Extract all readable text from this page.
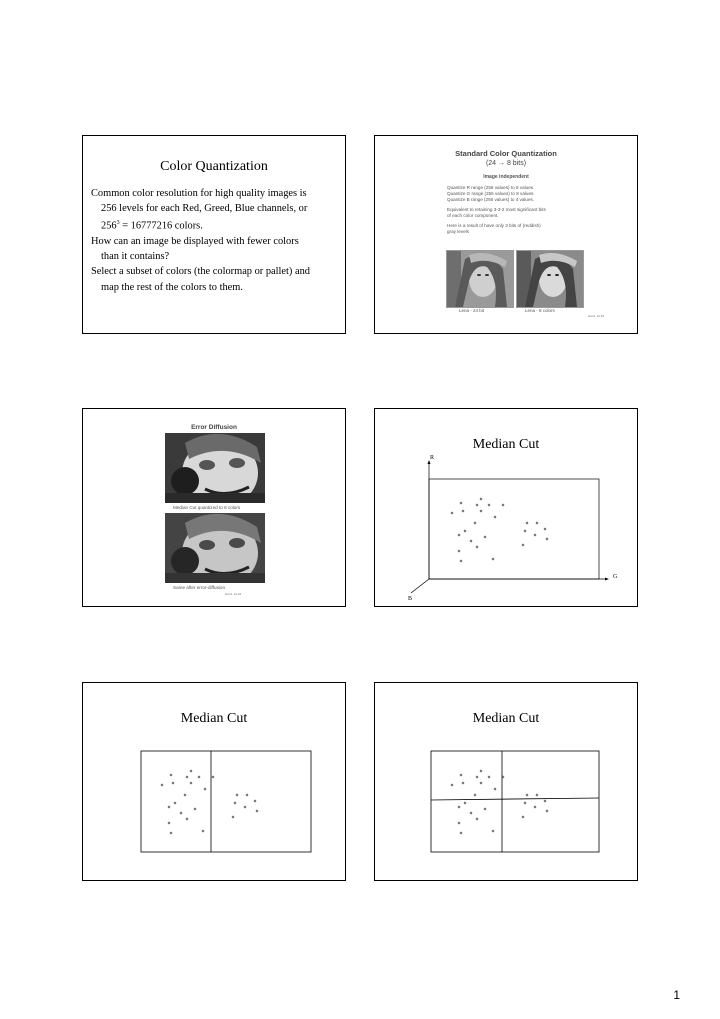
Color Quantization

Common color resolution for high quality images is
256 levels for each Red, Greed, Blue channels, or
$256^3 = 16777216$ colors.

How can an image be displayed with fewer colors
than it contains?

Select a subset of colors (the colormap or pallet) and
map the rest of the colors to them.

Standard Color Quantization
(24 → 8 bits)
Image independent

Quantize R range (256 values) to 8 values.

Quantize G range (256 values) to 8 values.

Quantize B range (256 values) to 4 values.

Equivalent to retaining 3-3-2 most significant bits

of each color component.

Here is a result of have only 3 bits of (reddish)

gray levels

Lena - 24 bit	Lena - 8 colors
Gonz. 11.15
Error Diffusion
Median Cut quantized to 8 colors
Same after error-diffusion
Gonz. 11.16
Median Cut
R
G
B
Median Cut	Median Cut
1
